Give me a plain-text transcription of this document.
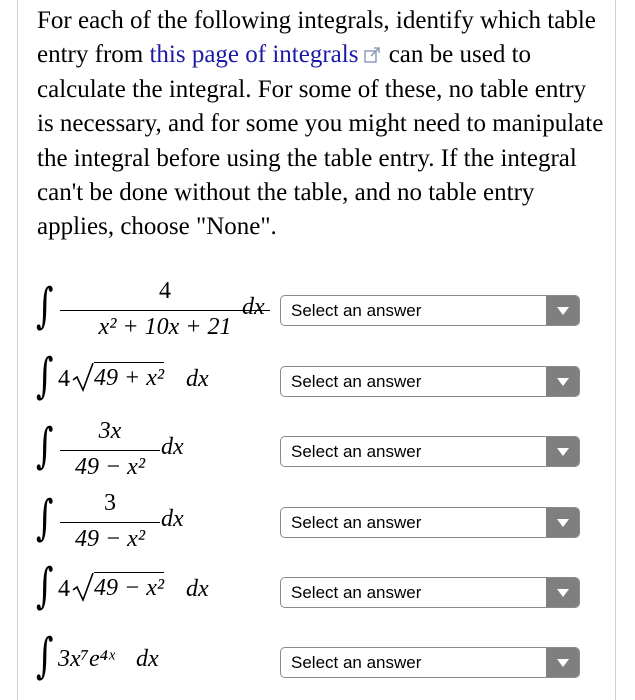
For each of the following integrals, identify which table entry from this page of integrals can be used to calculate the integral. For some of these, no table entry is necessary, and for some you might need to manipulate the integral before using the table entry. If the integral can't be done without the table, and no table entry applies, choose "None".

∫	4
x² + 10x + 21
dx Select an answer
∫ 4 49 + x² dx	Select an answer
∫	3x
49 − x²
dx	Select an answer
∫	3
49 − x²
dx	Select an answer
∫ 4 49 − x² dx	Select an answer
∫ 3x⁷e⁴ˣ dx	Select an answer
